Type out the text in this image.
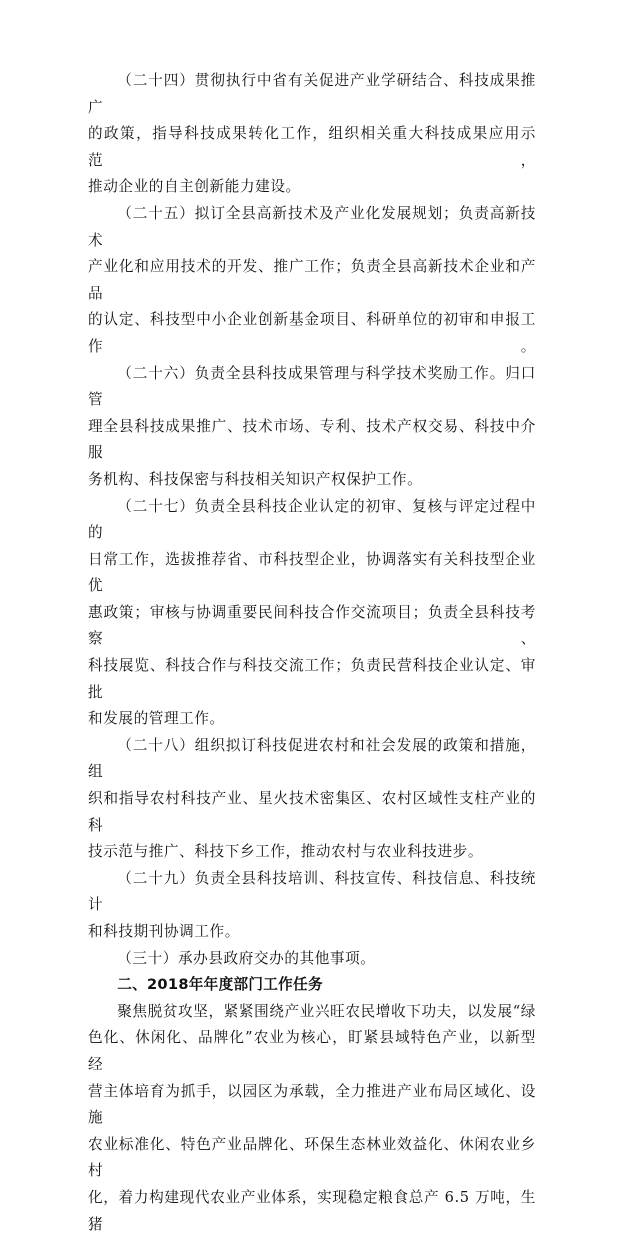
（二十四）贯彻执行中省有关促进产业学研结合、科技成果推广
的政策，指导科技成果转化工作，组织相关重大科技成果应用示范，
推动企业的自主创新能力建设。

（二十五）拟订全县高新技术及产业化发展规划；负责高新技术
产业化和应用技术的开发、推广工作；负责全县高新技术企业和产品
的认定、科技型中小企业创新基金项目、科研单位的初审和申报工作。

（二十六）负责全县科技成果管理与科学技术奖励工作。归口管
理全县科技成果推广、技术市场、专利、技术产权交易、科技中介服
务机构、科技保密与科技相关知识产权保护工作。

（二十七）负责全县科技企业认定的初审、复核与评定过程中的
日常工作，选拔推荐省、市科技型企业，协调落实有关科技型企业优
惠政策；审核与协调重要民间科技合作交流项目；负责全县科技考察、
科技展览、科技合作与科技交流工作；负责民营科技企业认定、审批
和发展的管理工作。

（二十八）组织拟订科技促进农村和社会发展的政策和措施，组
织和指导农村科技产业、星火技术密集区、农村区域性支柱产业的科
技示范与推广、科技下乡工作，推动农村与农业科技进步。

（二十九）负责全县科技培训、科技宣传、科技信息、科技统计
和科技期刊协调工作。

（三十）承办县政府交办的其他事项。

二、2018年年度部门工作任务

聚焦脱贫攻坚，紧紧围绕产业兴旺农民增收下功夫，以发展“绿
色化、休闲化、品牌化”农业为核心，盯紧县域特色产业，以新型经
营主体培育为抓手，以园区为承载，全力推进产业布局区域化、设施
农业标准化、特色产业品牌化、环保生态林业效益化、休闲农业乡村
化，着力构建现代农业产业体系，实现稳定粮食总产 6.5 万吨，生猪
